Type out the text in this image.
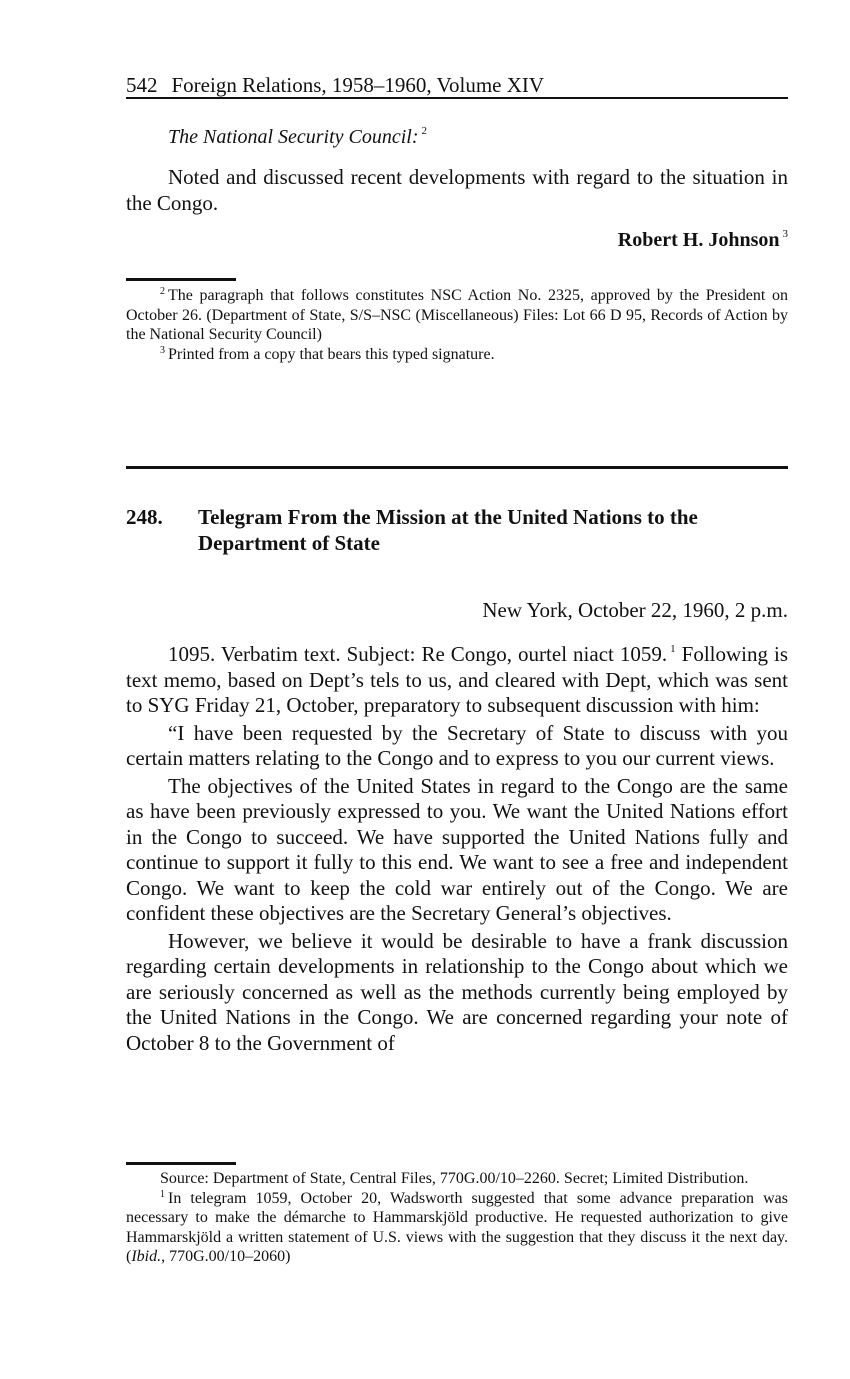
542 Foreign Relations, 1958–1960, Volume XIV
The National Security Council: $^2$

Noted and discussed recent developments with regard to the situation in the Congo.

Robert H. Johnson $^3$

$^2$ The paragraph that follows constitutes NSC Action No. 2325, approved by the President on October 26. (Department of State, S/S–NSC (Miscellaneous) Files: Lot 66 D 95, Records of Action by the National Security Council)

$^3$ Printed from a copy that bears this typed signature.

248. Telegram From the Mission at the United Nations to the Department of State
New York, October 22, 1960, 2 p.m.

1095. Verbatim text. Subject: Re Congo, ourtel niact 1059. $^1$ Following is text memo, based on Dept’s tels to us, and cleared with Dept, which was sent to SYG Friday 21, October, preparatory to subsequent discussion with him:

“I have been requested by the Secretary of State to discuss with you certain matters relating to the Congo and to express to you our current views.

The objectives of the United States in regard to the Congo are the same as have been previously expressed to you. We want the United Nations effort in the Congo to succeed. We have supported the United Nations fully and continue to support it fully to this end. We want to see a free and independent Congo. We want to keep the cold war entirely out of the Congo. We are confident these objectives are the Secretary General’s objectives.

However, we believe it would be desirable to have a frank discussion regarding certain developments in relationship to the Congo about which we are seriously concerned as well as the methods currently being employed by the United Nations in the Congo. We are concerned regarding your note of October 8 to the Government of

Source: Department of State, Central Files, 770G.00/10–2260. Secret; Limited Distribution.

$^1$ In telegram 1059, October 20, Wadsworth suggested that some advance preparation was necessary to make the démarche to Hammarskjöld productive. He requested authorization to give Hammarskjöld a written statement of U.S. views with the suggestion that they discuss it the next day. (Ibid., 770G.00/10–2060)
